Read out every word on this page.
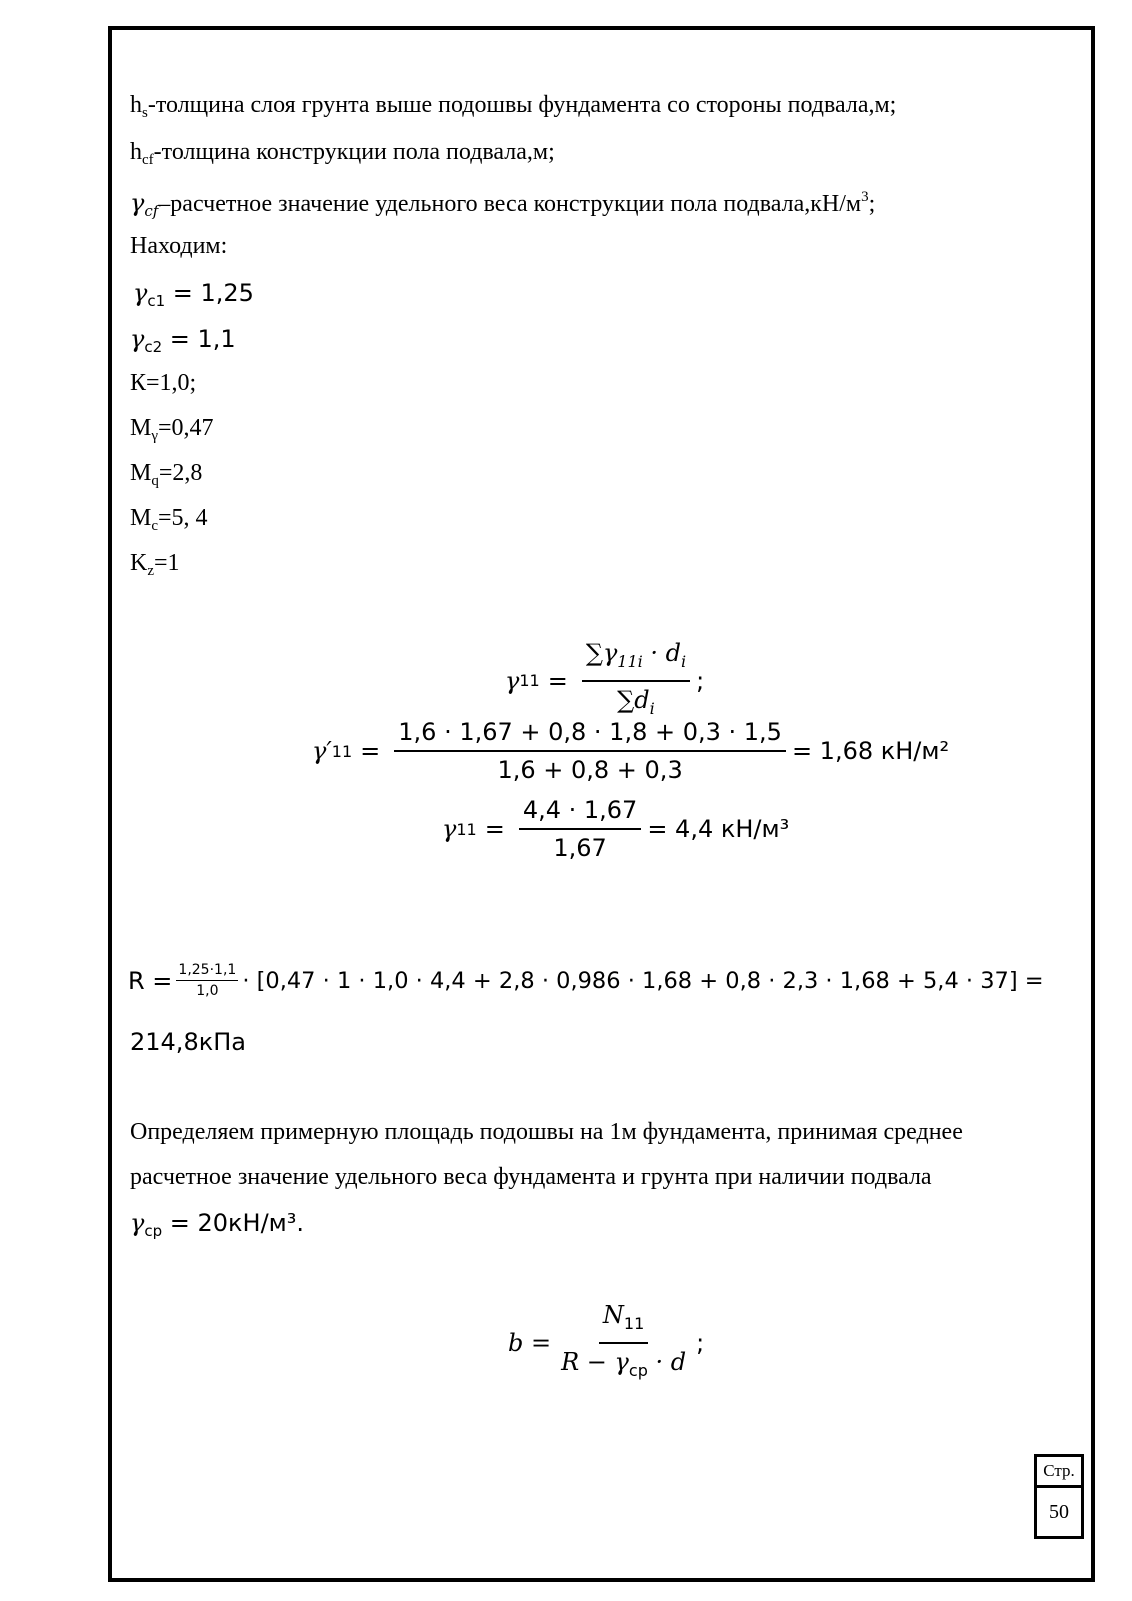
$h_s$-толщина слоя грунта выше подошвы фундамента со стороны подвала,м;
$h_{cf}$-толщина конструкции пола подвала,м;
$\gamma_{cf}$–расчетное значение удельного веса конструкции пола $подвала,кН/м^3$;
Находим:
$\gamma_{c1} = 1,25$
$\gamma_{c2} = 1,1$
К=1,0;
$M_\gamma=0,47$
$M_q=2,8$
$M_c=5$, 4
$K_z=1$
γ $11 = \frac{\sum\gamma_{11i} \cdot d_i}{\sum d_i}$ ;
γ′ $11 = \frac{1,6 \cdot 1,67 + 0,8 \cdot 1,8 + 0,3 \cdot 1,5}{1,6 + 0,8 + 0,3} = 1,68$ кН/м²
γ $11 = \frac{4,4 \cdot 1,67}{1,67} = 4,4$ кН/м³
$R = \frac{1,25\cdot 1,1}{1,0} \cdot [0,47 \cdot 1 \cdot 1,0 \cdot 4,4 + 2,8 \cdot 0,986 \cdot 1,68 + 0,8 \cdot 2,3 \cdot 1,68 + 5,4 \cdot 37]$ =
214,8кПа
Определяем примерную площадь подошвы на 1м фундамента, принимая среднее
расчетное значение удельного веса фундамента и грунта при наличии подвала
$\gamma_{ср} = 20кН/м^3$.
$b = \frac{N_{11}}{R - \gamma_{ср} \cdot d}$ ;
Стр.
50
